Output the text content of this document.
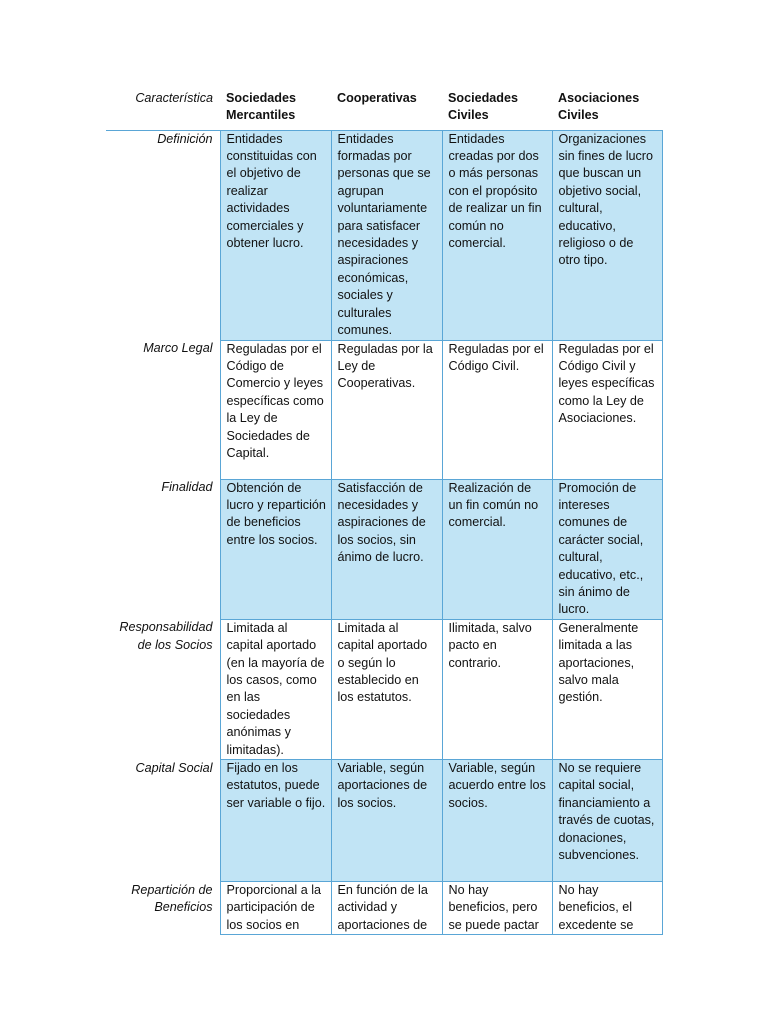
Característica	Sociedades Mercantiles	Cooperativas	Sociedades Civiles	Asociaciones Civiles
Definición	Entidades constituidas con el objetivo de realizar actividades comerciales y obtener lucro.	Entidades formadas por personas que se agrupan voluntariamente para satisfacer necesidades y aspiraciones económicas, sociales y culturales comunes.	Entidades creadas por dos o más personas con el propósito de realizar un fin común no comercial.	Organizaciones sin fines de lucro que buscan un objetivo social, cultural, educativo, religioso o de otro tipo.
Marco Legal	Reguladas por el Código de Comercio y leyes específicas como la Ley de Sociedades de Capital.	Reguladas por la Ley de Cooperativas.	Reguladas por el Código Civil.	Reguladas por el Código Civil y leyes específicas como la Ley de Asociaciones.
Finalidad	Obtención de lucro y repartición de beneficios entre los socios.	Satisfacción de necesidades y aspiraciones de los socios, sin ánimo de lucro.	Realización de un fin común no comercial.	Promoción de intereses comunes de carácter social, cultural, educativo, etc., sin ánimo de lucro.
Responsabilidad de los Socios	Limitada al capital aportado (en la mayoría de los casos, como en las sociedades anónimas y limitadas).	Limitada al capital aportado o según lo establecido en los estatutos.	Ilimitada, salvo pacto en contrario.	Generalmente limitada a las aportaciones, salvo mala gestión.
Capital Social	Fijado en los estatutos, puede ser variable o fijo.	Variable, según aportaciones de los socios.	Variable, según acuerdo entre los socios.	No se requiere capital social, financiamiento a través de cuotas, donaciones, subvenciones.
Repartición de Beneficios	Proporcional a la participación de los socios en	En función de la actividad y aportaciones de	No hay beneficios, pero se puede pactar	No hay beneficios, el excedente se
